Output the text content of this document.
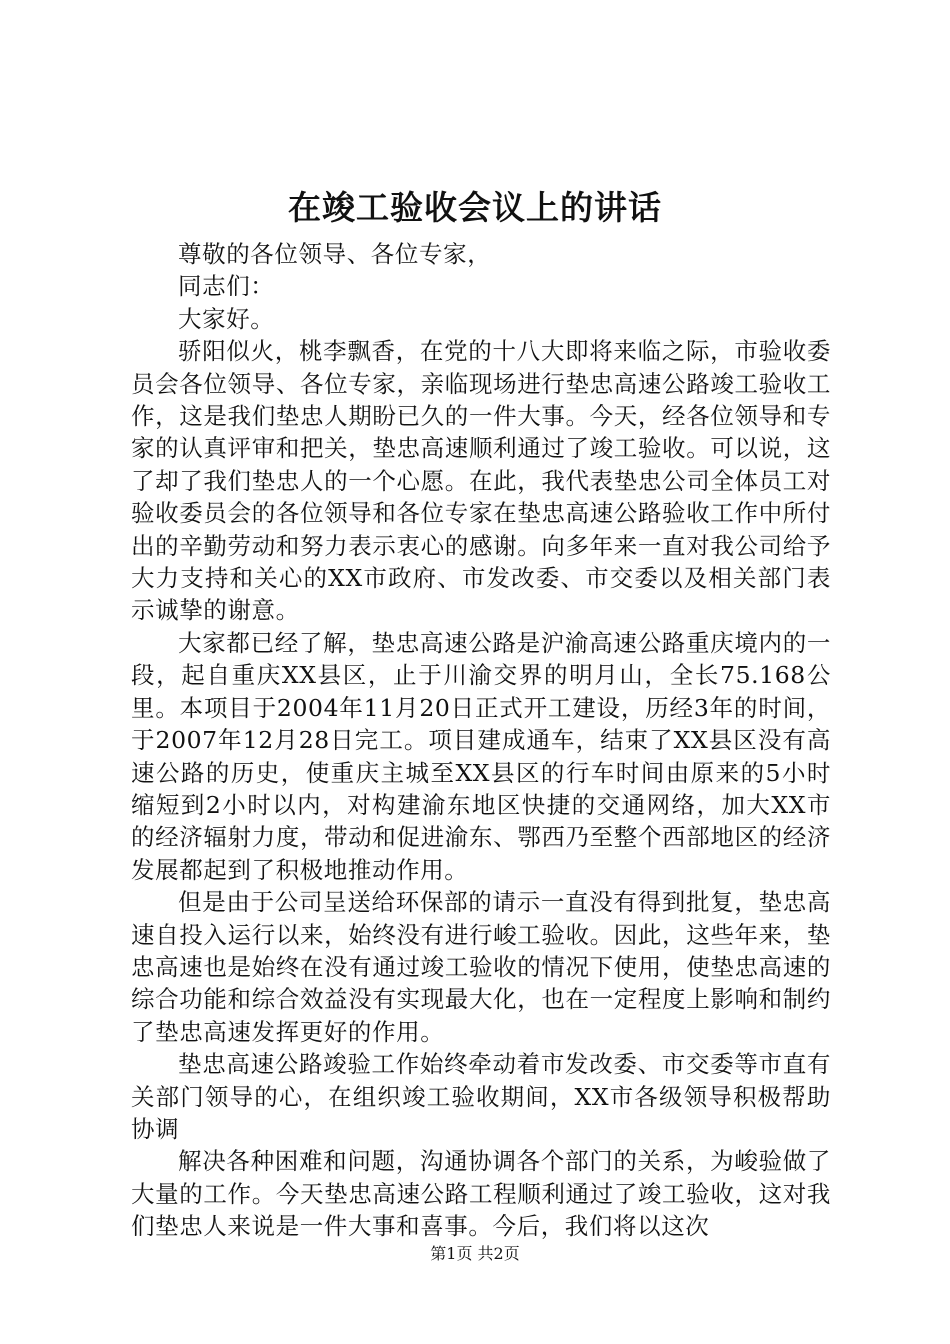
在竣工验收会议上的讲话

尊敬的各位领导、各位专家，

同志们：

大家好。

骄阳似火，桃李飘香，在党的十八大即将来临之际，市验收委员会各位领导、各位专家，亲临现场进行垫忠高速公路竣工验收工作，这是我们垫忠人期盼已久的一件大事。今天，经各位领导和专家的认真评审和把关，垫忠高速顺利通过了竣工验收。可以说，这了却了我们垫忠人的一个心愿。在此，我代表垫忠公司全体员工对验收委员会的各位领导和各位专家在垫忠高速公路验收工作中所付出的辛勤劳动和努力表示衷心的感谢。向多年来一直对我公司给予大力支持和关心的XX市政府、市发改委、市交委以及相关部门表示诚挚的谢意。

大家都已经了解，垫忠高速公路是沪渝高速公路重庆境内的一段，起自重庆XX县区，止于川渝交界的明月山，全长75.168公里。本项目于2004年11月20日正式开工建设，历经3年的时间，于2007年12月28日完工。项目建成通车，结束了XX县区没有高速公路的历史，使重庆主城至XX县区的行车时间由原来的5小时缩短到2小时以内，对构建渝东地区快捷的交通网络，加大XX市的经济辐射力度，带动和促进渝东、鄂西乃至整个西部地区的经济发展都起到了积极地推动作用。

但是由于公司呈送给环保部的请示一直没有得到批复，垫忠高速自投入运行以来，始终没有进行峻工验收。因此，这些年来，垫忠高速也是始终在没有通过竣工验收的情况下使用，使垫忠高速的综合功能和综合效益没有实现最大化，也在一定程度上影响和制约了垫忠高速发挥更好的作用。

垫忠高速公路竣验工作始终牵动着市发改委、市交委等市直有关部门领导的心，在组织竣工验收期间，XX市各级领导积极帮助协调

解决各种困难和问题，沟通协调各个部门的关系，为峻验做了大量的工作。今天垫忠高速公路工程顺利通过了竣工验收，这对我们垫忠人来说是一件大事和喜事。今后，我们将以这次

第1页 共2页
